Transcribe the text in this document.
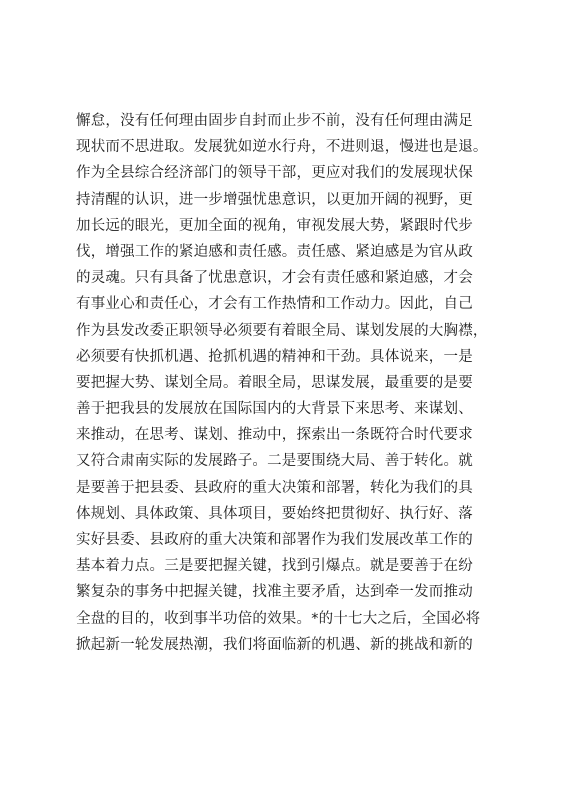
懈怠，没有任何理由固步自封而止步不前，没有任何理由满足
现状而不思进取。发展犹如逆水行舟，不进则退，慢进也是退。
作为全县综合经济部门的领导干部，更应对我们的发展现状保
持清醒的认识，进一步增强忧患意识，以更加开阔的视野，更
加长远的眼光，更加全面的视角，审视发展大势，紧跟时代步
伐，增强工作的紧迫感和责任感。责任感、紧迫感是为官从政
的灵魂。只有具备了忧患意识，才会有责任感和紧迫感，才会
有事业心和责任心，才会有工作热情和工作动力。因此，自己
作为县发改委正职领导必须要有着眼全局、谋划发展的大胸襟，
必须要有快抓机遇、抢抓机遇的精神和干劲。具体说来，一是
要把握大势、谋划全局。着眼全局，思谋发展，最重要的是要
善于把我县的发展放在国际国内的大背景下来思考、来谋划、
来推动，在思考、谋划、推动中，探索出一条既符合时代要求
又符合肃南实际的发展路子。二是要围绕大局、善于转化。就
是要善于把县委、县政府的重大决策和部署，转化为我们的具
体规划、具体政策、具体项目，要始终把贯彻好、执行好、落
实好县委、县政府的重大决策和部署作为我们发展改革工作的
基本着力点。三是要把握关键，找到引爆点。就是要善于在纷
繁复杂的事务中把握关键，找准主要矛盾，达到牵一发而推动
全盘的目的，收到事半功倍的效果。*的十七大之后，全国必将
掀起新一轮发展热潮，我们将面临新的机遇、新的挑战和新的
